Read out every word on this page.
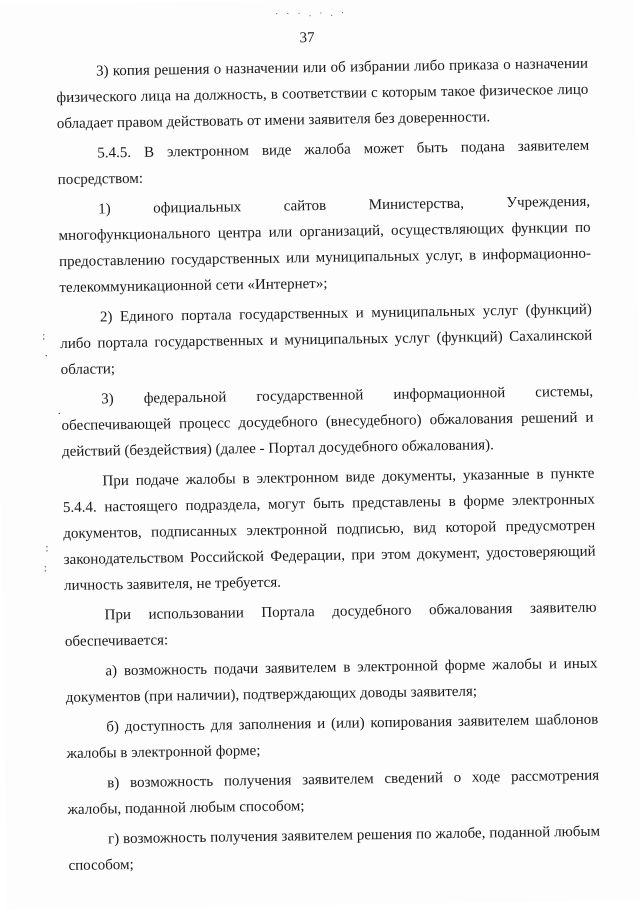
· · · . · . ·
37

3) копия решения о назначении или об избрании либо приказа о назначении физического лица на должность, в соответствии с которым такое физическое лицо обладает правом действовать от имени заявителя без доверенности.

5.4.5. В электронном виде жалоба может быть подана заявителем посредством:

1) официальных сайтов Министерства, Учреждения, многофункционального центра или организаций, осуществляющих функции по предоставлению государственных или муниципальных услуг, в информационно-телекоммуникационной сети «Интернет»;

2) Единого портала государственных и муниципальных услуг (функций) либо портала государственных и муниципальных услуг (функций) Сахалинской области;

3) федеральной государственной информационной системы, обеспечивающей процесс досудебного (внесудебного) обжалования решений и действий (бездействия) (далее - Портал досудебного обжалования).

При подаче жалобы в электронном виде документы, указанные в пункте 5.4.4. настоящего подраздела, могут быть представлены в форме электронных документов, подписанных электронной подписью, вид которой предусмотрен законодательством Российской Федерации, при этом документ, удостоверяющий личность заявителя, не требуется.

При использовании Портала досудебного обжалования заявителю обеспечивается:

а) возможность подачи заявителем в электронной форме жалобы и иных документов (при наличии), подтверждающих доводы заявителя;

б) доступность для заполнения и (или) копирования заявителем шаблонов жалобы в электронной форме;

в) возможность получения заявителем сведений о ходе рассмотрения жалобы, поданной любым способом;

г) возможность получения заявителем решения по жалобе, поданной любым способом;

:
·
·
:
:
